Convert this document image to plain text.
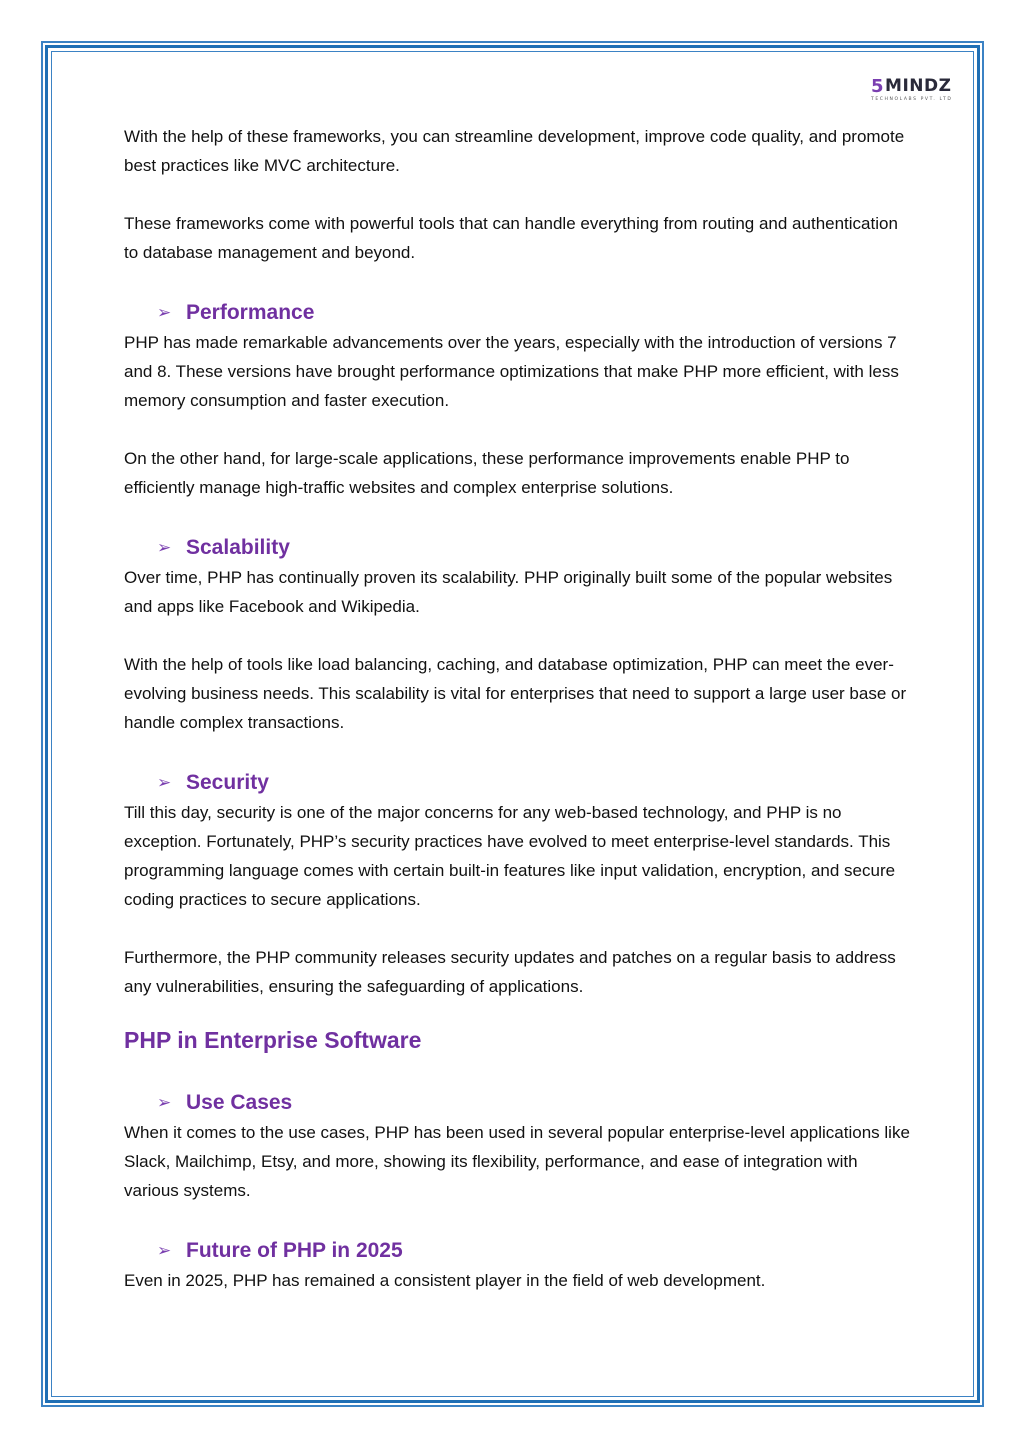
5 MINDZ
TECHNOLABS PVT. LTD

With the help of these frameworks, you can streamline development, improve code quality, and promote best practices like MVC architecture.

These frameworks come with powerful tools that can handle everything from routing and authentication to database management and beyond.

➢ Performance

PHP has made remarkable advancements over the years, especially with the introduction of versions 7 and 8. These versions have brought performance optimizations that make PHP more efficient, with less memory consumption and faster execution.

On the other hand, for large-scale applications, these performance improvements enable PHP to efficiently manage high-traffic websites and complex enterprise solutions.

➢ Scalability

Over time, PHP has continually proven its scalability. PHP originally built some of the popular websites and apps like Facebook and Wikipedia.

With the help of tools like load balancing, caching, and database optimization, PHP can meet the ever-evolving business needs. This scalability is vital for enterprises that need to support a large user base or handle complex transactions.

➢ Security

Till this day, security is one of the major concerns for any web-based technology, and PHP is no exception. Fortunately, PHP’s security practices have evolved to meet enterprise-level standards. This programming language comes with certain built-in features like input validation, encryption, and secure coding practices to secure applications.

Furthermore, the PHP community releases security updates and patches on a regular basis to address any vulnerabilities, ensuring the safeguarding of applications.

PHP in Enterprise Software
➢ Use Cases

When it comes to the use cases, PHP has been used in several popular enterprise-level applications like Slack, Mailchimp, Etsy, and more, showing its flexibility, performance, and ease of integration with various systems.

➢ Future of PHP in 2025

Even in 2025, PHP has remained a consistent player in the field of web development.
